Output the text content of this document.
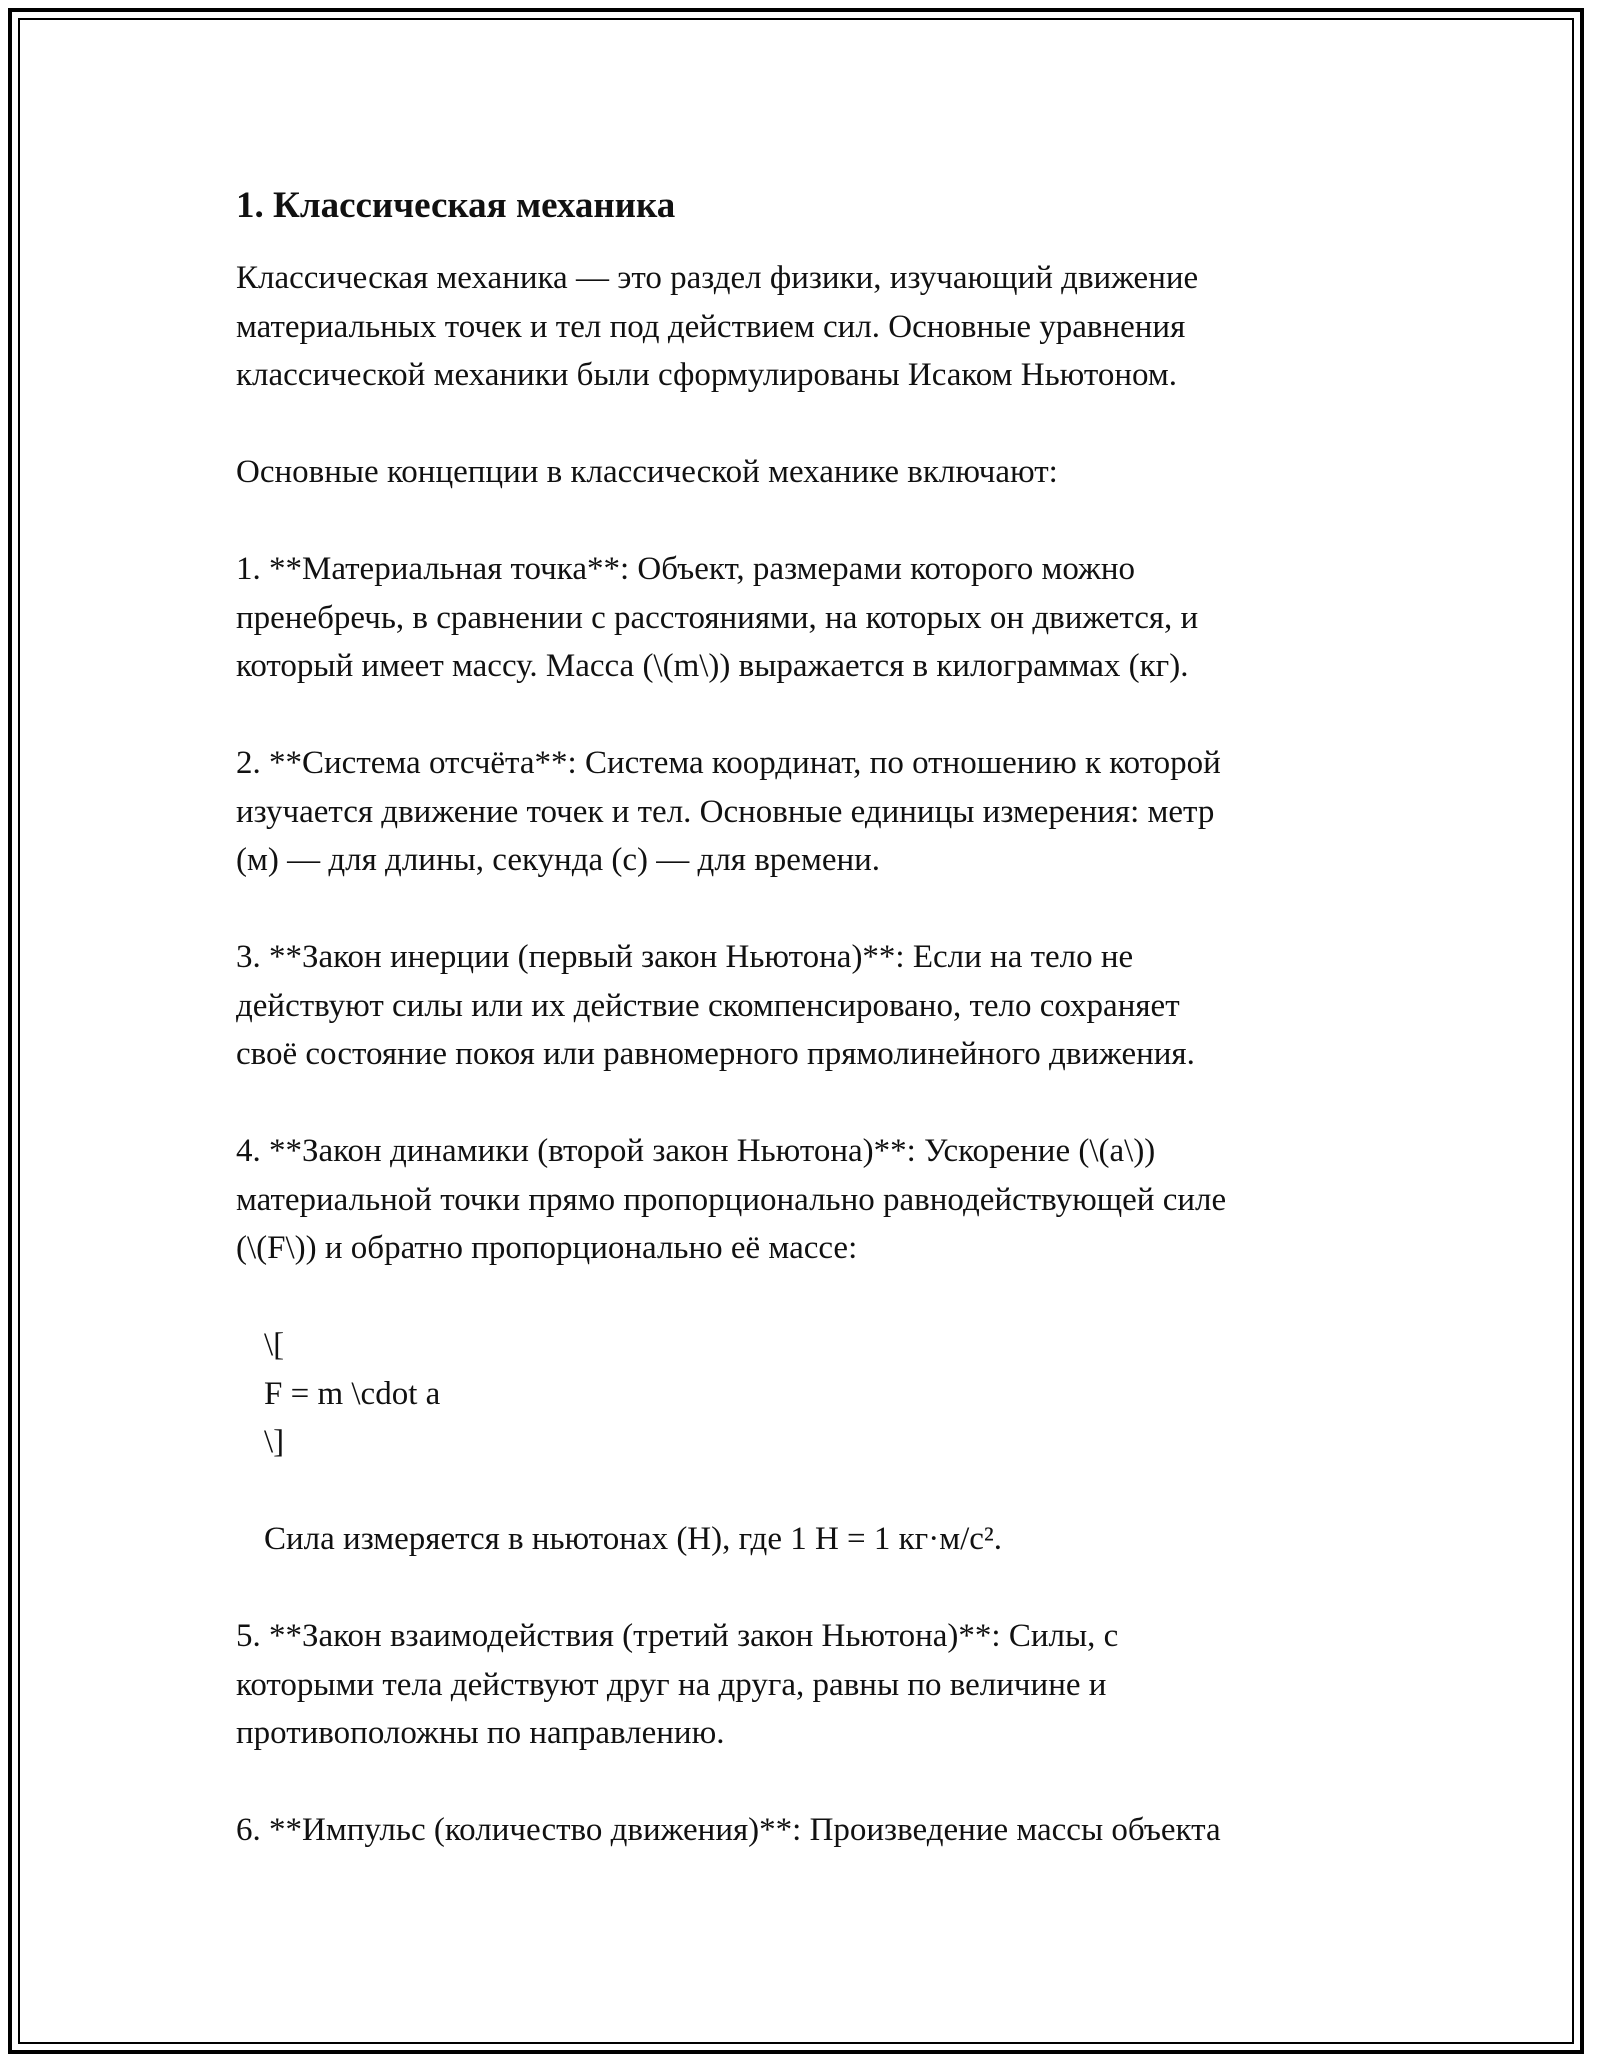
1. Классическая механика
Классическая механика — это раздел физики, изучающий движение
материальных точек и тел под действием сил. Основные уравнения
классической механики были сформулированы Исаком Ньютоном.
Основные концепции в классической механике включают:
1. **Материальная точка**: Объект, размерами которого можно
пренебречь, в сравнении с расстояниями, на которых он движется, и
который имеет массу. Масса (\(m\)) выражается в килограммах (кг).
2. **Система отсчёта**: Система координат, по отношению к которой
изучается движение точек и тел. Основные единицы измерения: метр
(м) — для длины, секунда (с) — для времени.
3. **Закон инерции (первый закон Ньютона)**: Если на тело не
действуют силы или их действие скомпенсировано, тело сохраняет
своё состояние покоя или равномерного прямолинейного движения.
4. **Закон динамики (второй закон Ньютона)**: Ускорение (\(a\))
материальной точки прямо пропорционально равнодействующей силе
(\(F\)) и обратно пропорционально её массе:
\[
F = m \cdot a
\]
Сила измеряется в ньютонах (Н), где 1 Н = 1 кг·м/с².
5. **Закон взаимодействия (третий закон Ньютона)**: Силы, с
которыми тела действуют друг на друга, равны по величине и
противоположны по направлению.
6. **Импульс (количество движения)**: Произведение массы объекта
